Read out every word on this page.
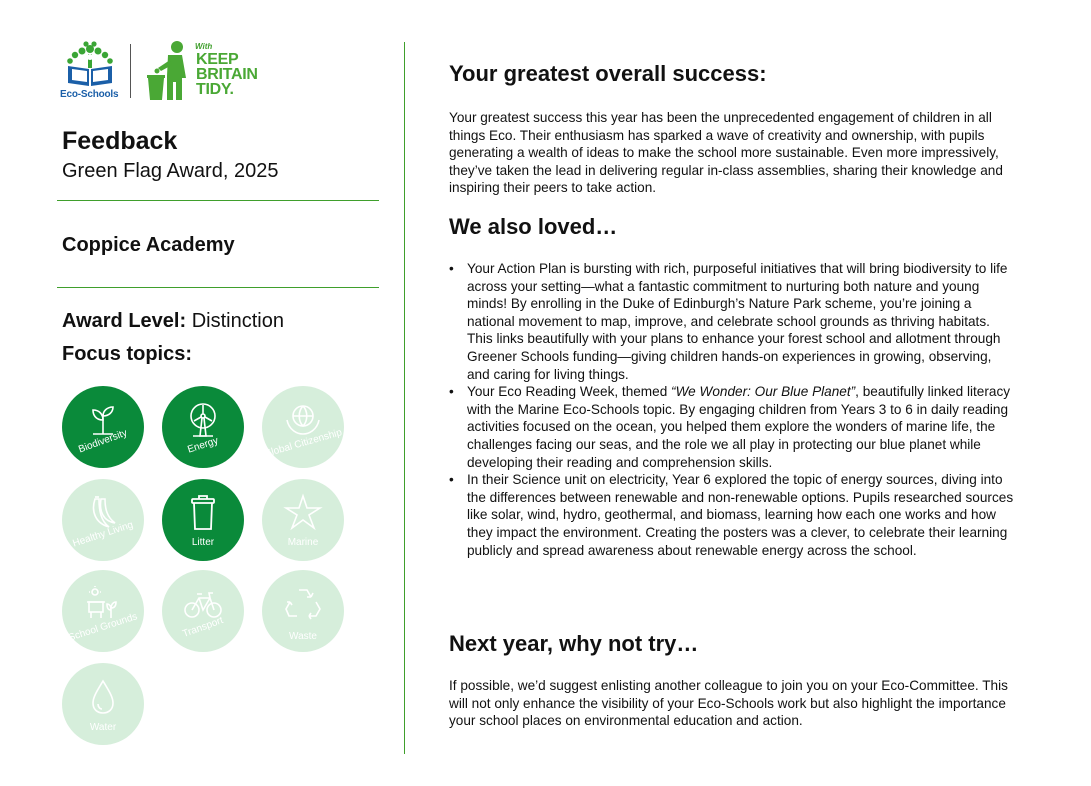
Eco-Schools
With
KEEP
BRITAIN
TIDY.
Feedback

Green Flag Award, 2025

Coppice Academy

Award Level: Distinction

Focus topics:

Biodiversity	Energy	Global Citizenship
Healthy Living	Litter	Marine
School Grounds	Transport	Waste
Water
Your greatest overall success:

Your greatest success this year has been the unprecedented engagement of children in all things Eco. Their enthusiasm has sparked a wave of creativity and ownership, with pupils generating a wealth of ideas to make the school more sustainable. Even more impressively, they’ve taken the lead in delivering regular in-class assemblies, sharing their knowledge and inspiring their peers to take action.

We also loved…
• Your Action Plan is bursting with rich, purposeful initiatives that will bring biodiversity to life across your setting—what a fantastic commitment to nurturing both nature and young minds! By enrolling in the Duke of Edinburgh’s Nature Park scheme, you’re joining a national movement to map, improve, and celebrate school grounds as thriving habitats. This links beautifully with your plans to enhance your forest school and allotment through Greener Schools funding—giving children hands-on experiences in growing, observing, and caring for living things.
• Your Eco Reading Week, themed “We Wonder: Our Blue Planet”, beautifully linked literacy with the Marine Eco-Schools topic. By engaging children from Years 3 to 6 in daily reading activities focused on the ocean, you helped them explore the wonders of marine life, the challenges facing our seas, and the role we all play in protecting our blue planet while developing their reading and comprehension skills.
• In their Science unit on electricity, Year 6 explored the topic of energy sources, diving into the differences between renewable and non-renewable options. Pupils researched sources like solar, wind, hydro, geothermal, and biomass, learning how each one works and how they impact the environment. Creating the posters was a clever, to celebrate their learning publicly and spread awareness about renewable energy across the school.
Next year, why not try…

If possible, we’d suggest enlisting another colleague to join you on your Eco-Committee. This will not only enhance the visibility of your Eco-Schools work but also highlight the importance your school places on environmental education and action.
